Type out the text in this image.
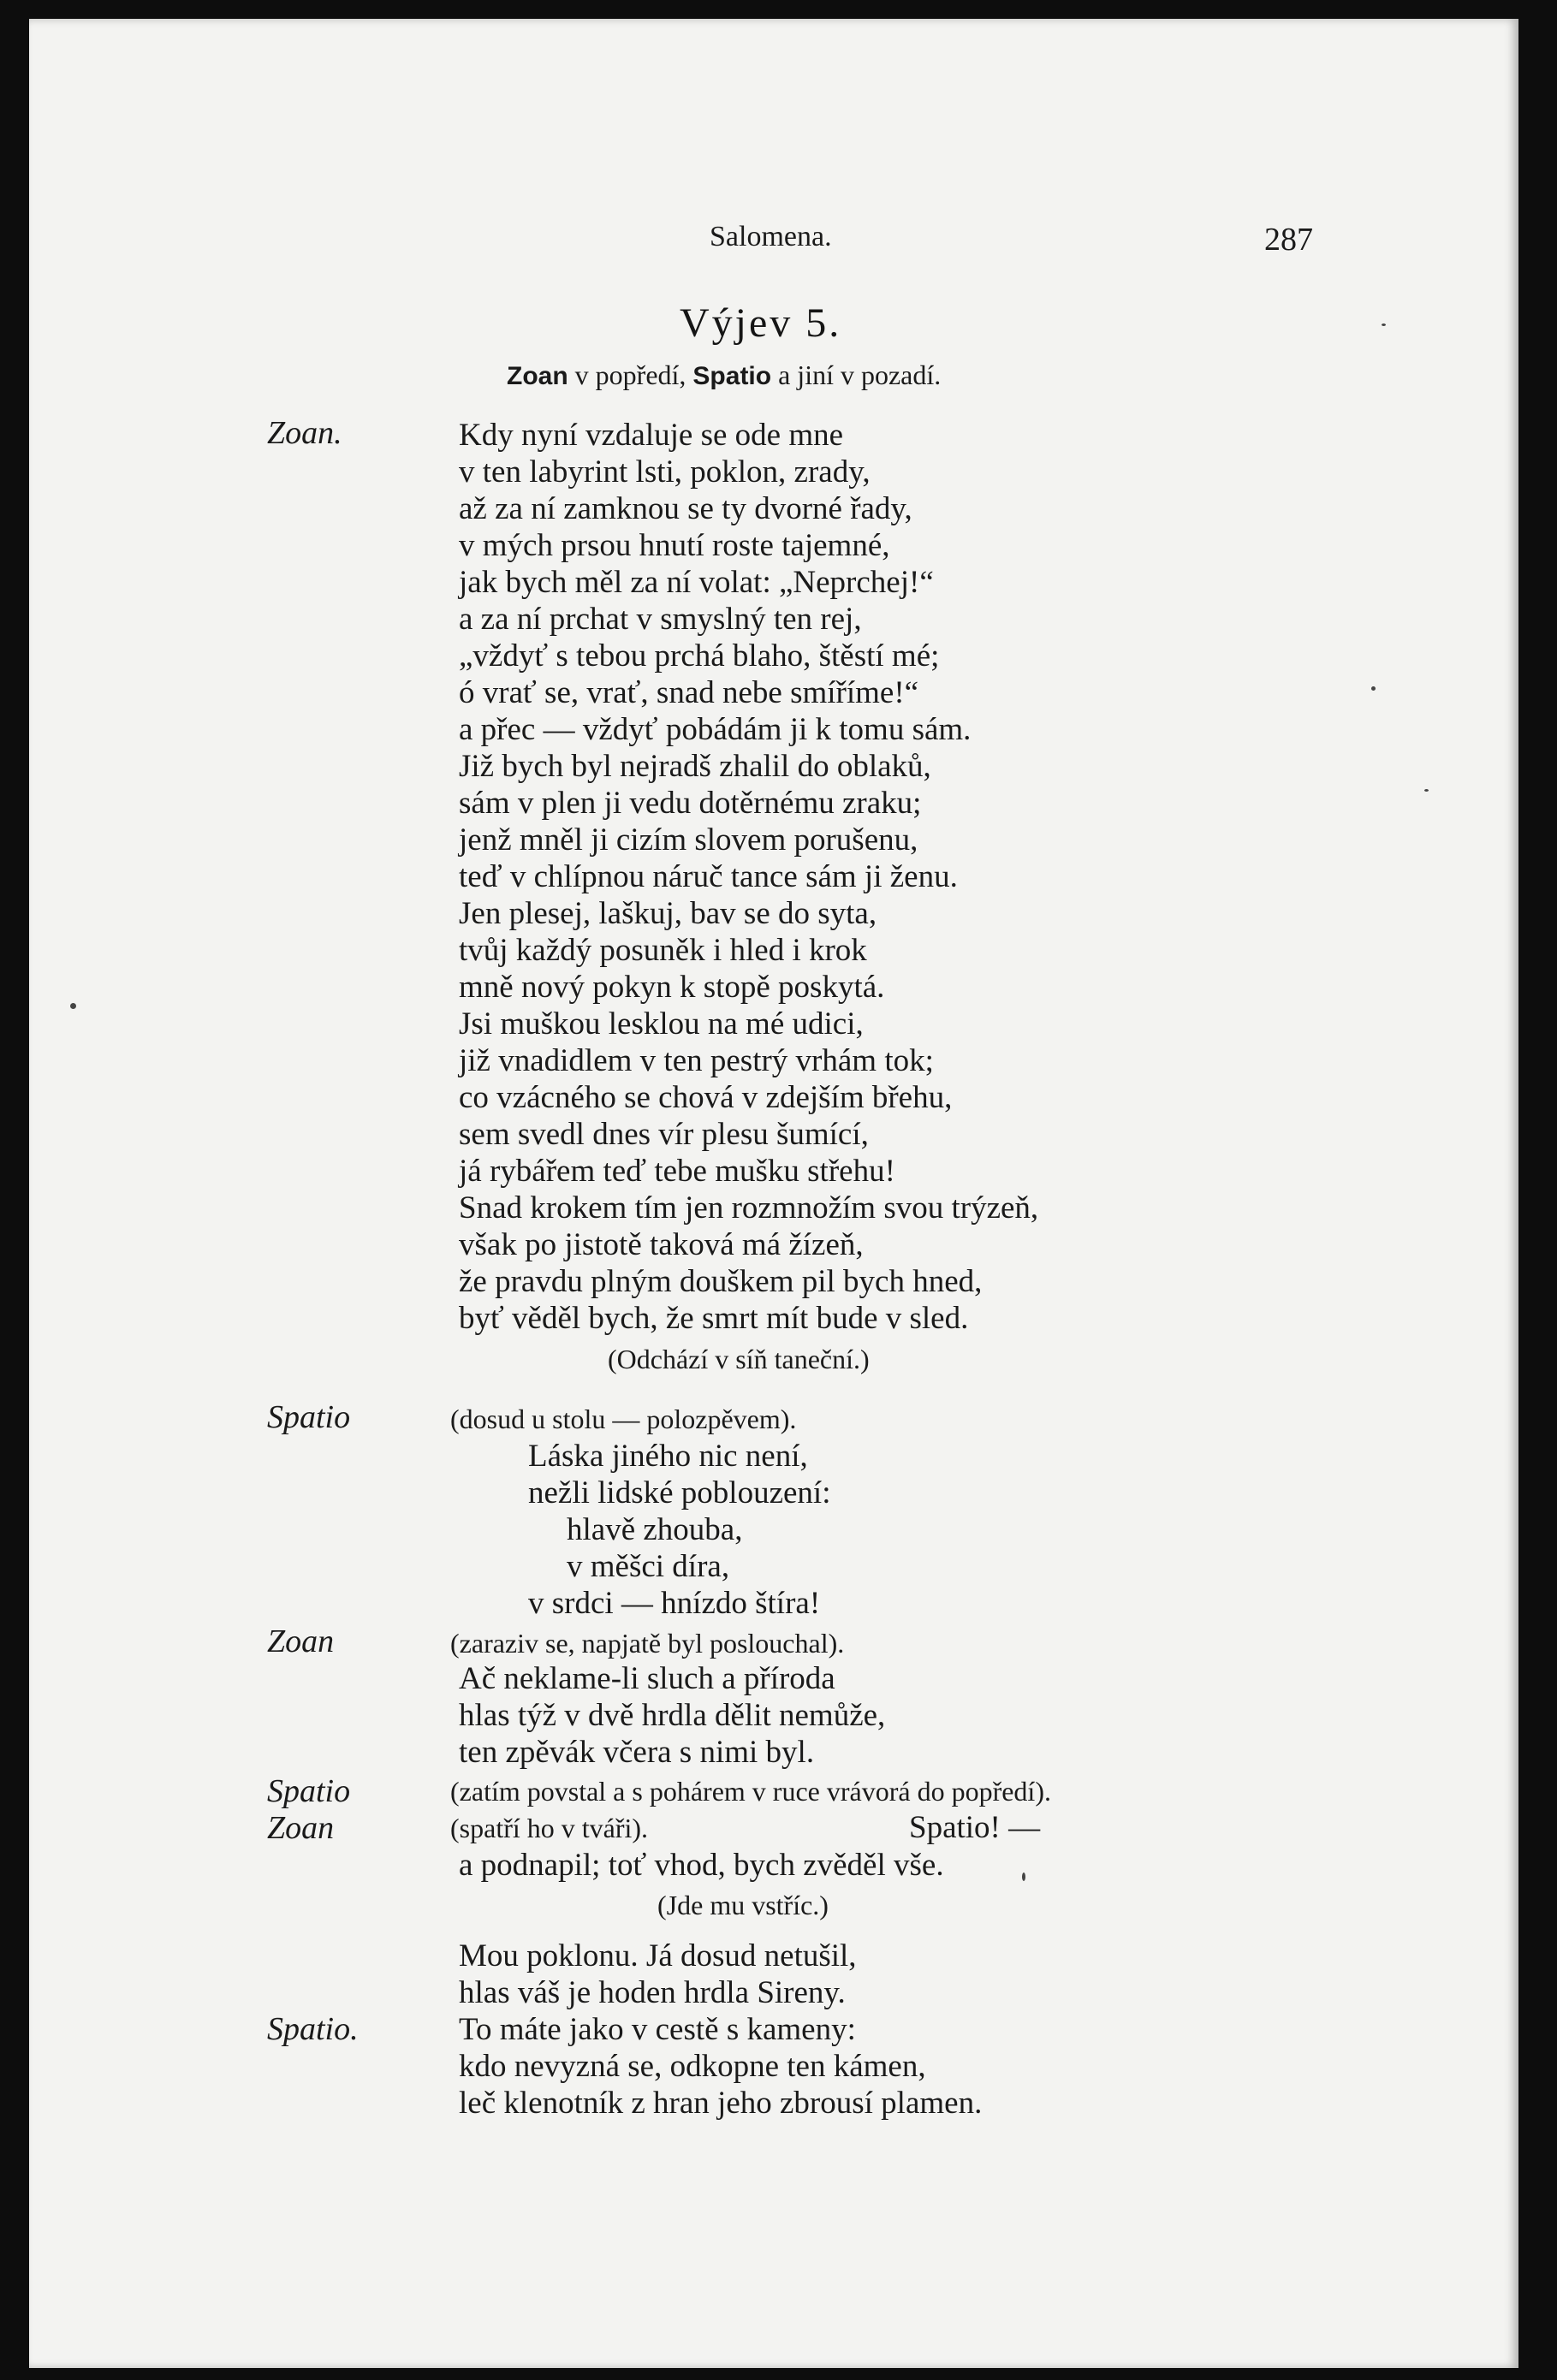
Salomena.	287
Výjev 5.
Zoan v popředí, Spatio a jiní v pozadí.
Zoan.
Spatio
Zoan
Spatio
Zoan
Spatio.
Kdy nyní vzdaluje se ode mne
v ten labyrint lsti, poklon, zrady,
až za ní zamknou se ty dvorné řady,
v mých prsou hnutí roste tajemné,
jak bych měl za ní volat: „Neprchej!“
a za ní prchat v smyslný ten rej,
„vždyť s tebou prchá blaho, štěstí mé;
ó vrať se, vrať, snad nebe smíříme!“
a přec — vždyť pobádám ji k tomu sám.
Již bych byl nejradš zhalil do oblaků,
sám v plen ji vedu dotěrnému zraku;
jenž mněl ji cizím slovem porušenu,
teď v chlípnou náruč tance sám ji ženu.
Jen plesej, laškuj, bav se do syta,
tvůj každý posuněk i hled i krok
mně nový pokyn k stopě poskytá.
Jsi muškou lesklou na mé udici,
již vnadidlem v ten pestrý vrhám tok;
co vzácného se chová v zdejším břehu,
sem svedl dnes vír plesu šumící,
já rybářem teď tebe mušku střehu!
Snad krokem tím jen rozmnožím svou trýzeň,
však po jistotě taková má žízeň,
že pravdu plným douškem pil bych hned,
byť věděl bych, že smrt mít bude v sled.
(Odchází v síň taneční.)
(dosud u stolu — polozpěvem).
Láska jiného nic není,
nežli lidské poblouzení:
hlavě zhouba,
v měšci díra,
v srdci — hnízdo štíra!
(zaraziv se, napjatě byl poslouchal).
Ač neklame-li sluch a příroda
hlas týž v dvě hrdla dělit nemůže,
ten zpěvák včera s nimi byl.
(zatím povstal a s pohárem v ruce vrávorá do popředí).
(spatří ho v tváři).	Spatio! —
a podnapil; toť vhod, bych zvěděl vše.
(Jde mu vstříc.)
Mou poklonu. Já dosud netušil,
hlas váš je hoden hrdla Sireny.
To máte jako v cestě s kameny:
kdo nevyzná se, odkopne ten kámen,
leč klenotník z hran jeho zbrousí plamen.
